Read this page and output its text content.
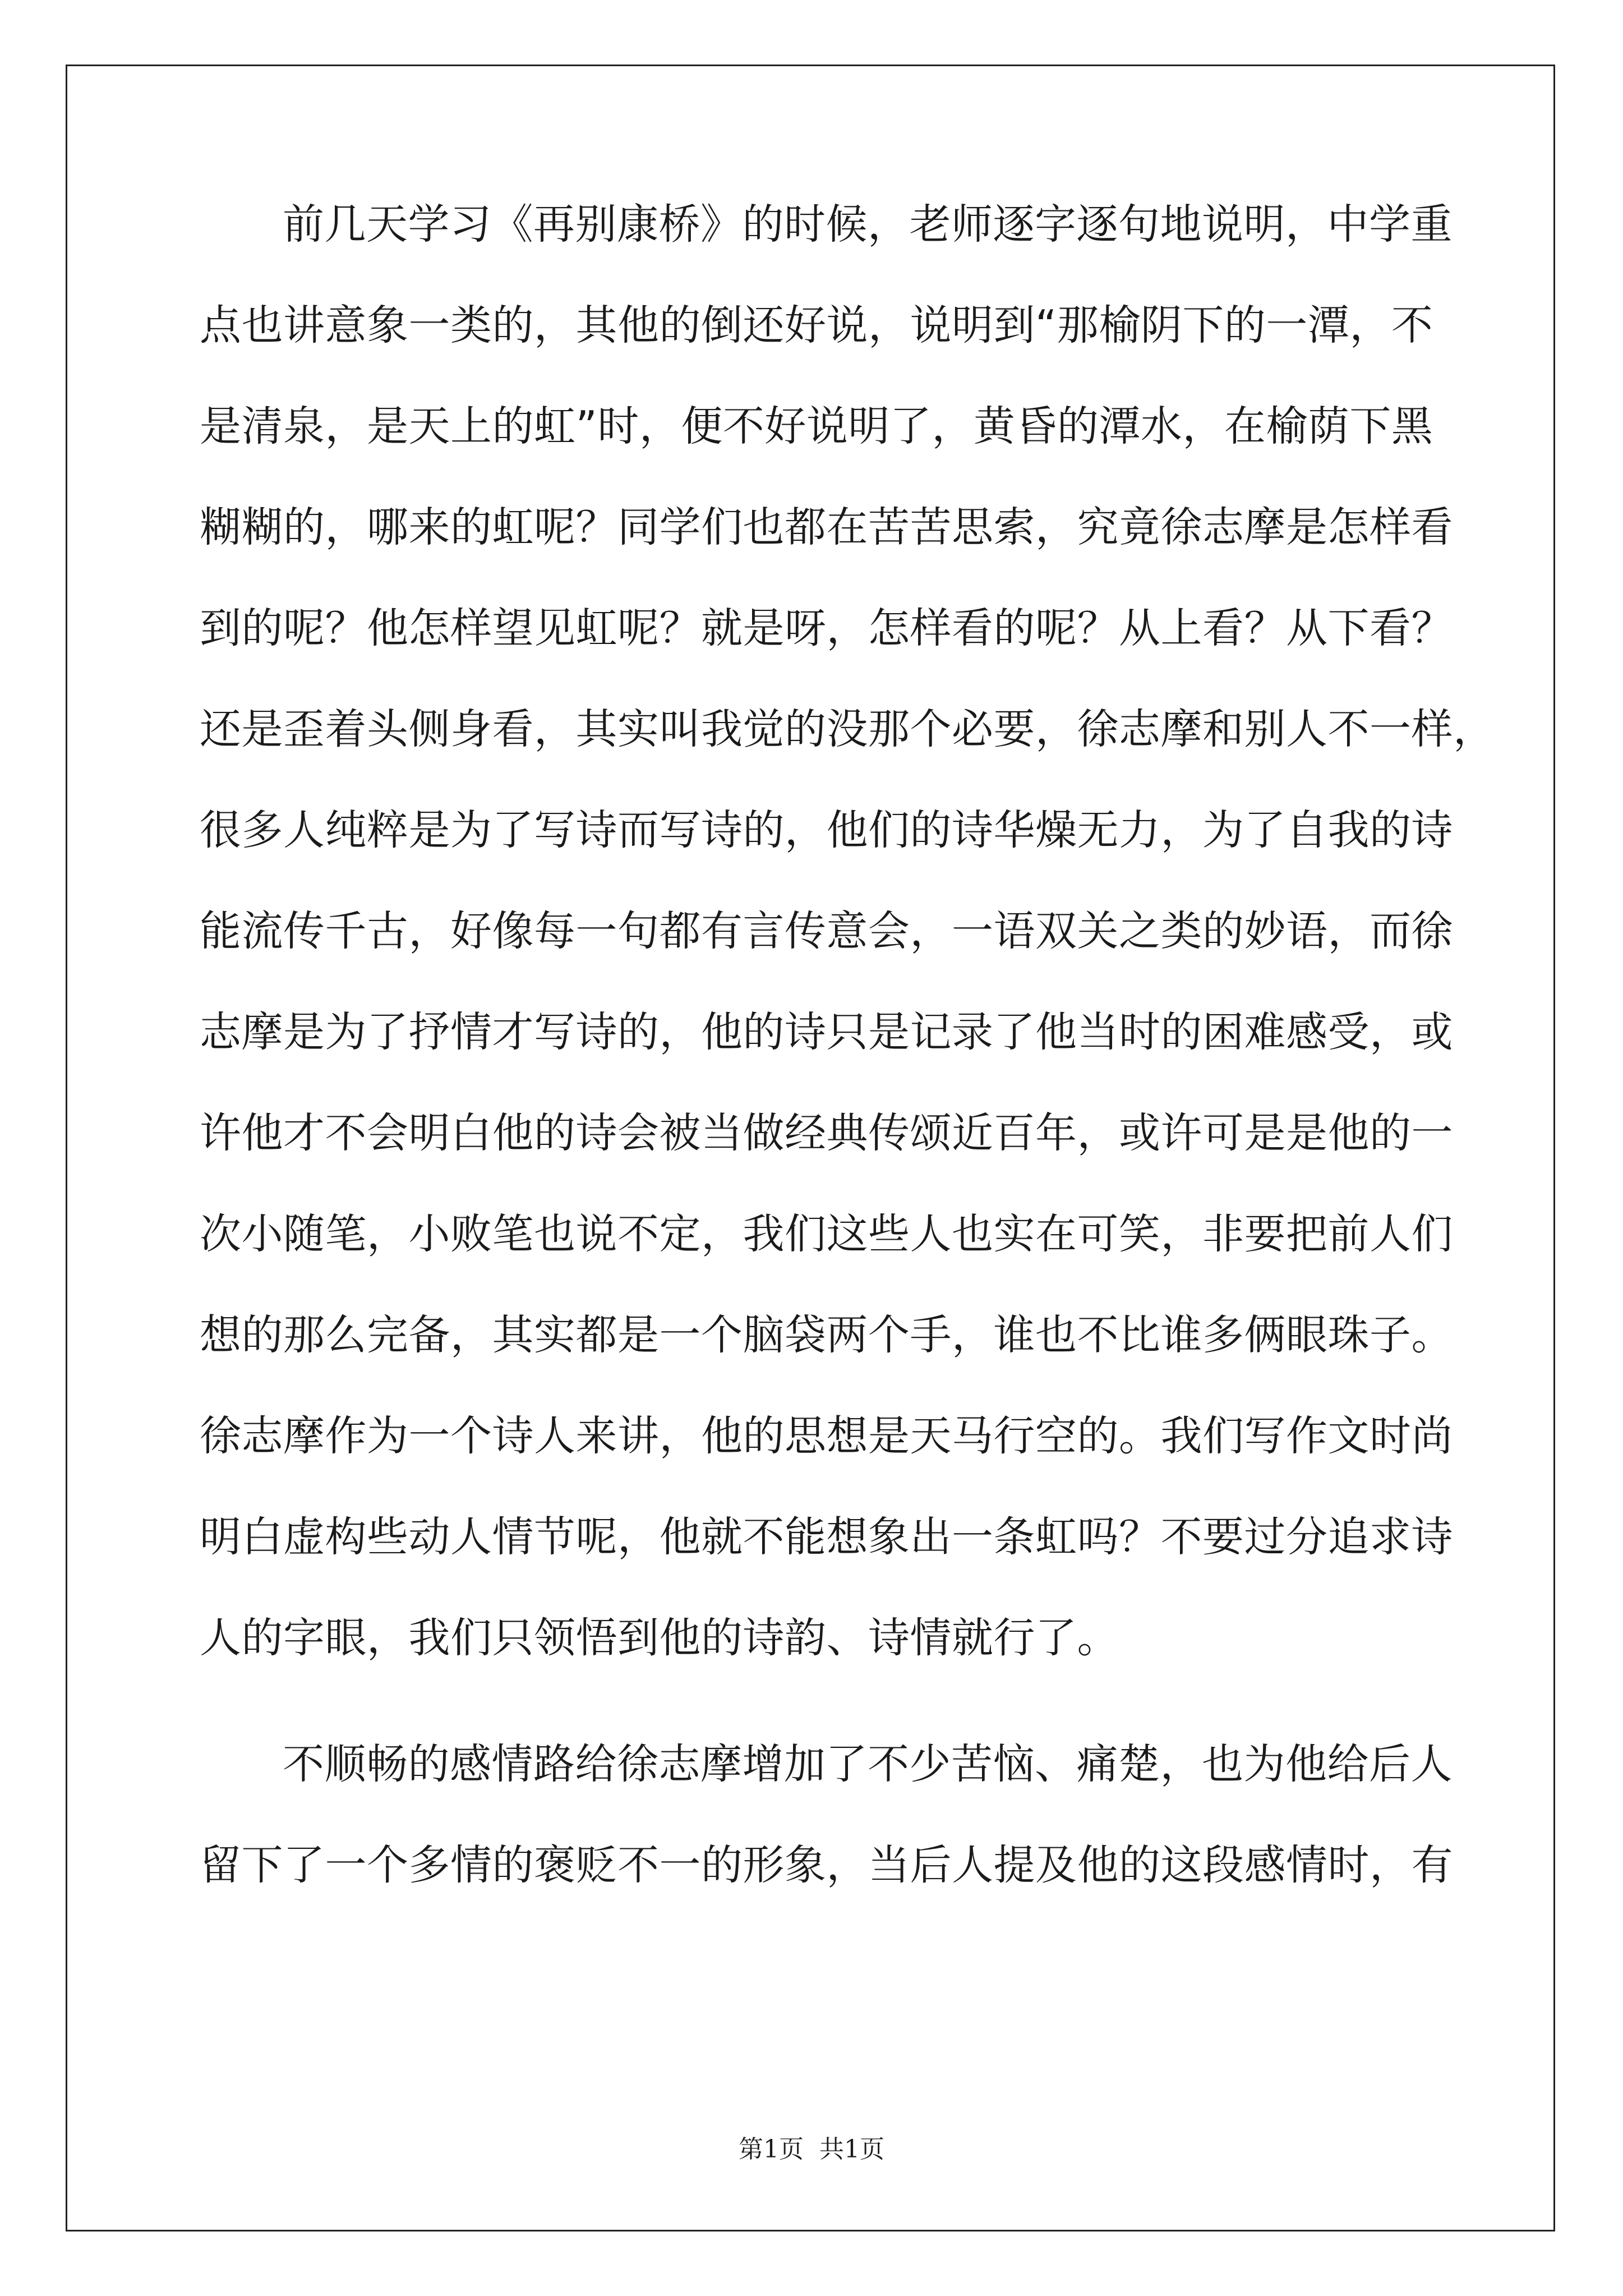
前几天学习《再别康桥》的时候，老师逐字逐句地说明，中学重
点也讲意象一类的，其他的倒还好说，说明到“那榆阴下的一潭，不
是清泉，是天上的虹”时，便不好说明了，黄昏的潭水，在榆荫下黑
糊糊的，哪来的虹呢？同学们也都在苦苦思索，究竟徐志摩是怎样看
到的呢？他怎样望见虹呢？就是呀，怎样看的呢？从上看？从下看？
还是歪着头侧身看，其实叫我觉的没那个必要，徐志摩和别人不一样，
很多人纯粹是为了写诗而写诗的，他们的诗华燥无力，为了自我的诗
能流传千古，好像每一句都有言传意会，一语双关之类的妙语，而徐
志摩是为了抒情才写诗的，他的诗只是记录了他当时的困难感受，或
许他才不会明白他的诗会被当做经典传颂近百年，或许可是是他的一
次小随笔，小败笔也说不定，我们这些人也实在可笑，非要把前人们
想的那么完备，其实都是一个脑袋两个手，谁也不比谁多俩眼珠子。
徐志摩作为一个诗人来讲，他的思想是天马行空的。我们写作文时尚
明白虚构些动人情节呢，他就不能想象出一条虹吗？不要过分追求诗
人的字眼，我们只领悟到他的诗韵、诗情就行了。
不顺畅的感情路给徐志摩增加了不少苦恼、痛楚，也为他给后人
留下了一个多情的褒贬不一的形象，当后人提及他的这段感情时，有
第1页 共1页
